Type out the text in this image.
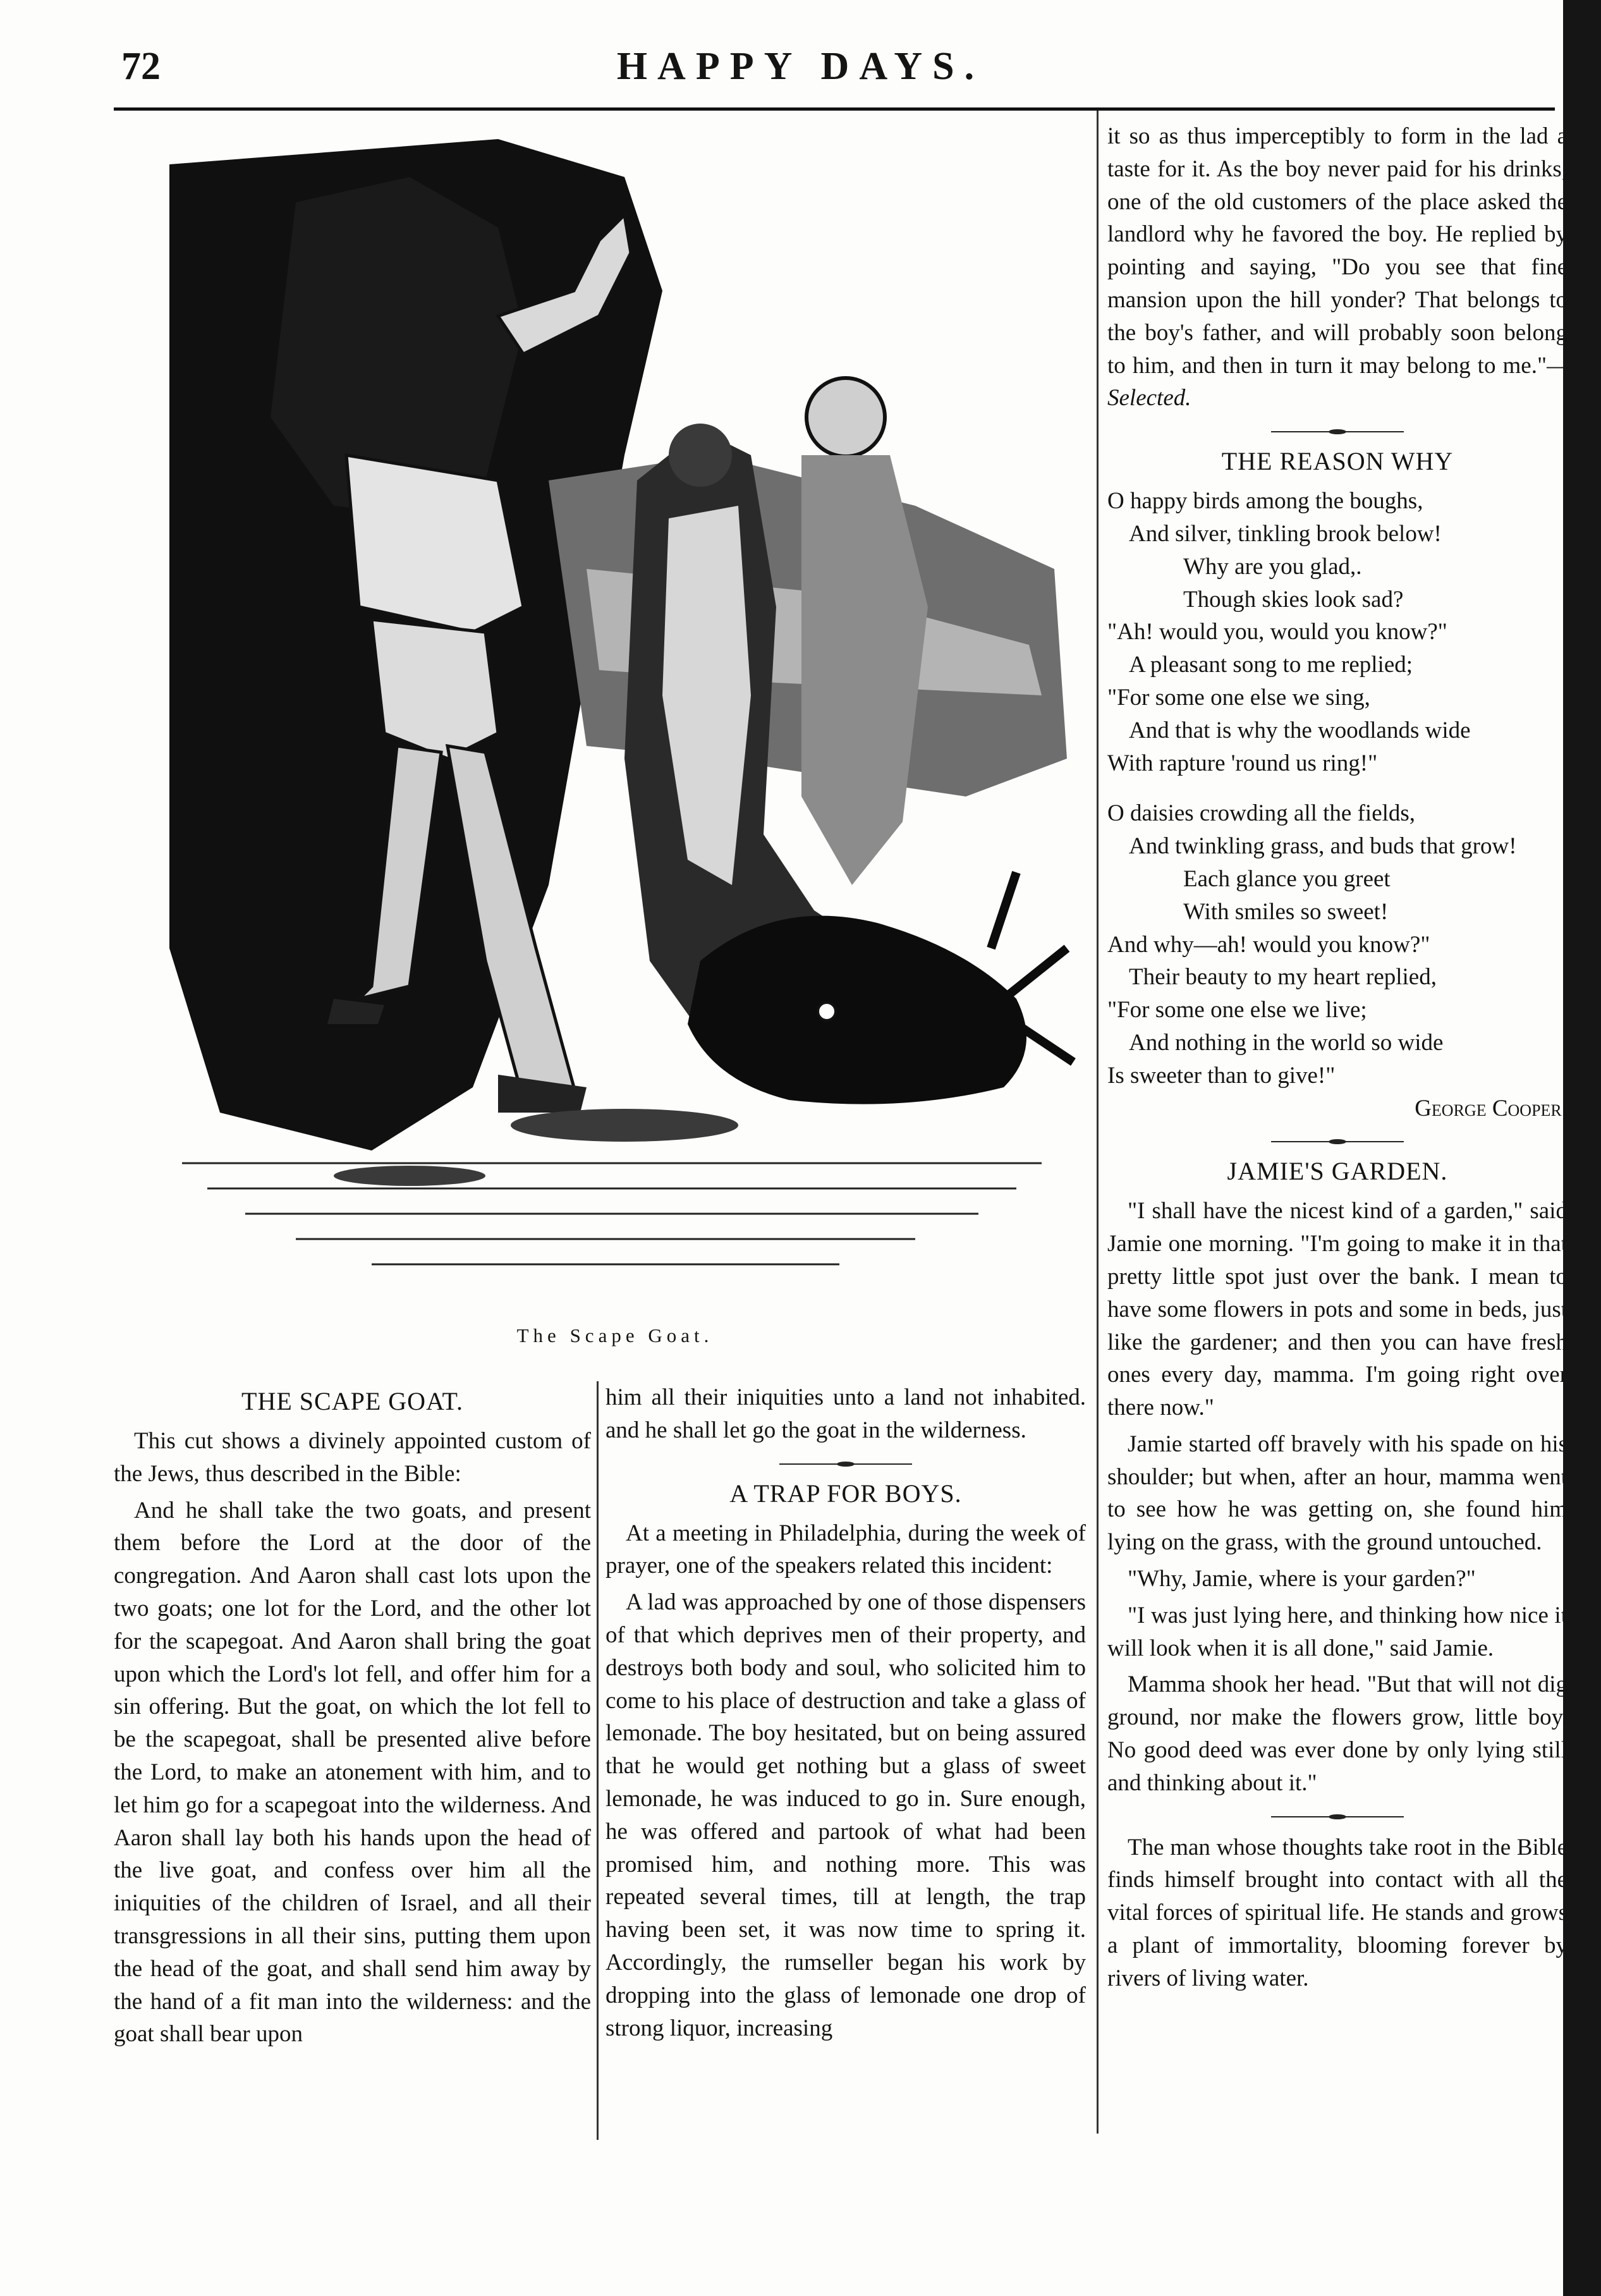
72	HAPPY DAYS.
The Scape Goat.
THE SCAPE GOAT.

This cut shows a divinely appointed custom of the Jews, thus described in the Bible:

And he shall take the two goats, and present them before the Lord at the door of the congregation. And Aaron shall cast lots upon the two goats; one lot for the Lord, and the other lot for the scapegoat. And Aaron shall bring the goat upon which the Lord's lot fell, and offer him for a sin offering. But the goat, on which the lot fell to be the scapegoat, shall be presented alive before the Lord, to make an atonement with him, and to let him go for a scapegoat into the wilderness. And Aaron shall lay both his hands upon the head of the live goat, and confess over him all the iniquities of the children of Israel, and all their transgressions in all their sins, putting them upon the head of the goat, and shall send him away by the hand of a fit man into the wilderness: and the goat shall bear upon

him all their iniquities unto a land not inhabited. and he shall let go the goat in the wilderness.

A TRAP FOR BOYS.

At a meeting in Philadelphia, during the week of prayer, one of the speakers related this incident:

A lad was approached by one of those dispensers of that which deprives men of their property, and destroys both body and soul, who solicited him to come to his place of destruction and take a glass of lemonade. The boy hesitated, but on being assured that he would get nothing but a glass of sweet lemonade, he was induced to go in. Sure enough, he was offered and partook of what had been promised him, and nothing more. This was repeated several times, till at length, the trap having been set, it was now time to spring it. Accordingly, the rumseller began his work by dropping into the glass of lemonade one drop of strong liquor, increasing

it so as thus imperceptibly to form in the lad a taste for it. As the boy never paid for his drinks, one of the old customers of the place asked the landlord why he favored the boy. He replied by pointing and saying, "Do you see that fine mansion upon the hill yonder? That belongs to the boy's father, and will probably soon belong to him, and then in turn it may belong to me."—Selected.

THE REASON WHY

O happy birds among the boughs,

And silver, tinkling brook below!

Why are you glad,.

Though skies look sad?

"Ah! would you, would you know?"

A pleasant song to me replied;

"For some one else we sing,

And that is why the woodlands wide

With rapture 'round us ring!"

O daisies crowding all the fields,

And twinkling grass, and buds that grow!

Each glance you greet

With smiles so sweet!

And why—ah! would you know?"

Their beauty to my heart replied,

"For some one else we live;

And nothing in the world so wide

Is sweeter than to give!"

George Cooper.

JAMIE'S GARDEN.

"I shall have the nicest kind of a garden," said Jamie one morning. "I'm going to make it in that pretty little spot just over the bank. I mean to have some flowers in pots and some in beds, just like the gardener; and then you can have fresh ones every day, mamma. I'm going right over there now."

Jamie started off bravely with his spade on his shoulder; but when, after an hour, mamma went to see how he was getting on, she found him lying on the grass, with the ground untouched.

"Why, Jamie, where is your garden?"

"I was just lying here, and thinking how nice it will look when it is all done," said Jamie.

Mamma shook her head. "But that will not dig ground, nor make the flowers grow, little boy. No good deed was ever done by only lying still and thinking about it."

The man whose thoughts take root in the Bible finds himself brought into contact with all the vital forces of spiritual life. He stands and grows a plant of immortality, blooming forever by rivers of living water.
